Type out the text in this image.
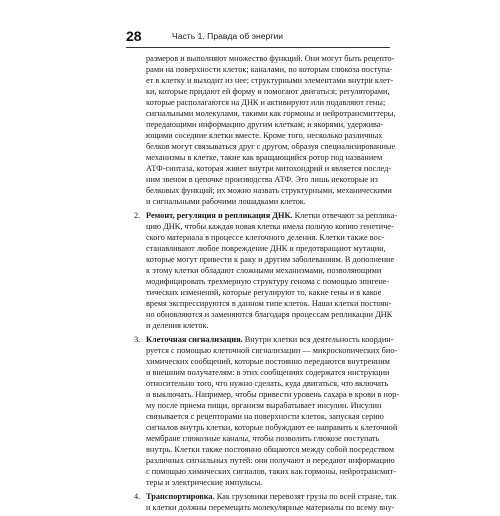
28	Часть 1. Правда об энергии
размеров и выполняют множество функций. Они могут быть рецепто-
рами на поверхности клеток; каналами, по которым глюкоза поступа-
ет в клетку и выходит из нее; структурными элементами внутри клет-
ки, которые придают ей форму и помогают двигаться; регуляторами,
которые располагаются на ДНК и активируют или подавляют гены;
сигнальными молекулами, такими как гормоны и нейротрансмиттеры,
передающими информацию другим клеткам; и якорями, удержива-
ющими соседние клетки вместе. Кроме того, несколько различных
белков могут связываться друг с другом, образуя специализированные
механизмы в клетке, такие как вращающийся ротор под названием
АТФ-синтаза, которая живет внутри митохондрий и является послед-
ним звеном в цепочке производства АТФ. Это лишь некоторые из
белковых функций; их можно назвать структурными, механическими
и сигнальными рабочими лошадками клеток.
2. Ремонт, регуляция и репликация ДНК. Клетки отвечают за реплика-
цию ДНК, чтобы каждая новая клетка имела полную копию генетиче-
ского материала в процессе клеточного деления. Клетки также вос-
станавливают любое повреждение ДНК и предотвращают мутации,
которые могут привести к раку и другим заболеваниям. В дополнение
к этому клетки обладают сложными механизмами, позволяющими
модифицировать трехмерную структуру генома с помощью эпигене-
тических изменений, которые регулируют то, какие гены и в какое
время экспрессируются в данном типе клеток. Наши клетки постоян-
но обновляются и заменяются благодаря процессам репликации ДНК
и деления клеток.
3. Клеточная сигнализация. Внутри клетки вся деятельность координ-
руется с помощью клеточной сигнализации — микроскопических био-
химических сообщений, которые постоянно передаются внутренним
и внешним получателям: в этих сообщениях содержатся инструкции
относительно того, что нужно сделать, куда двигаться, что включать
и выключать. Например, чтобы привести уровень сахара в крови в нор-
му после приема пищи, организм вырабатывает инсулин. Инсулин
связывается с рецепторами на поверхности клеток, запуская серию
сигналов внутрь клетки, которые побуждают ее направить к клеточной
мембране глюкозные каналы, чтобы позволить глюкозе поступать
внутрь. Клетки также постоянно общаются между собой посредством
различных сигнальных путей: они получают и передают информацию
с помощью химических сигналов, таких как гормоны, нейротрансмит-
теры и электрические импульсы.
4. Транспортировка. Как грузовики перевозят грузы по всей стране, так
и клетки должны перемещать молекулярные материалы по всему вну-
